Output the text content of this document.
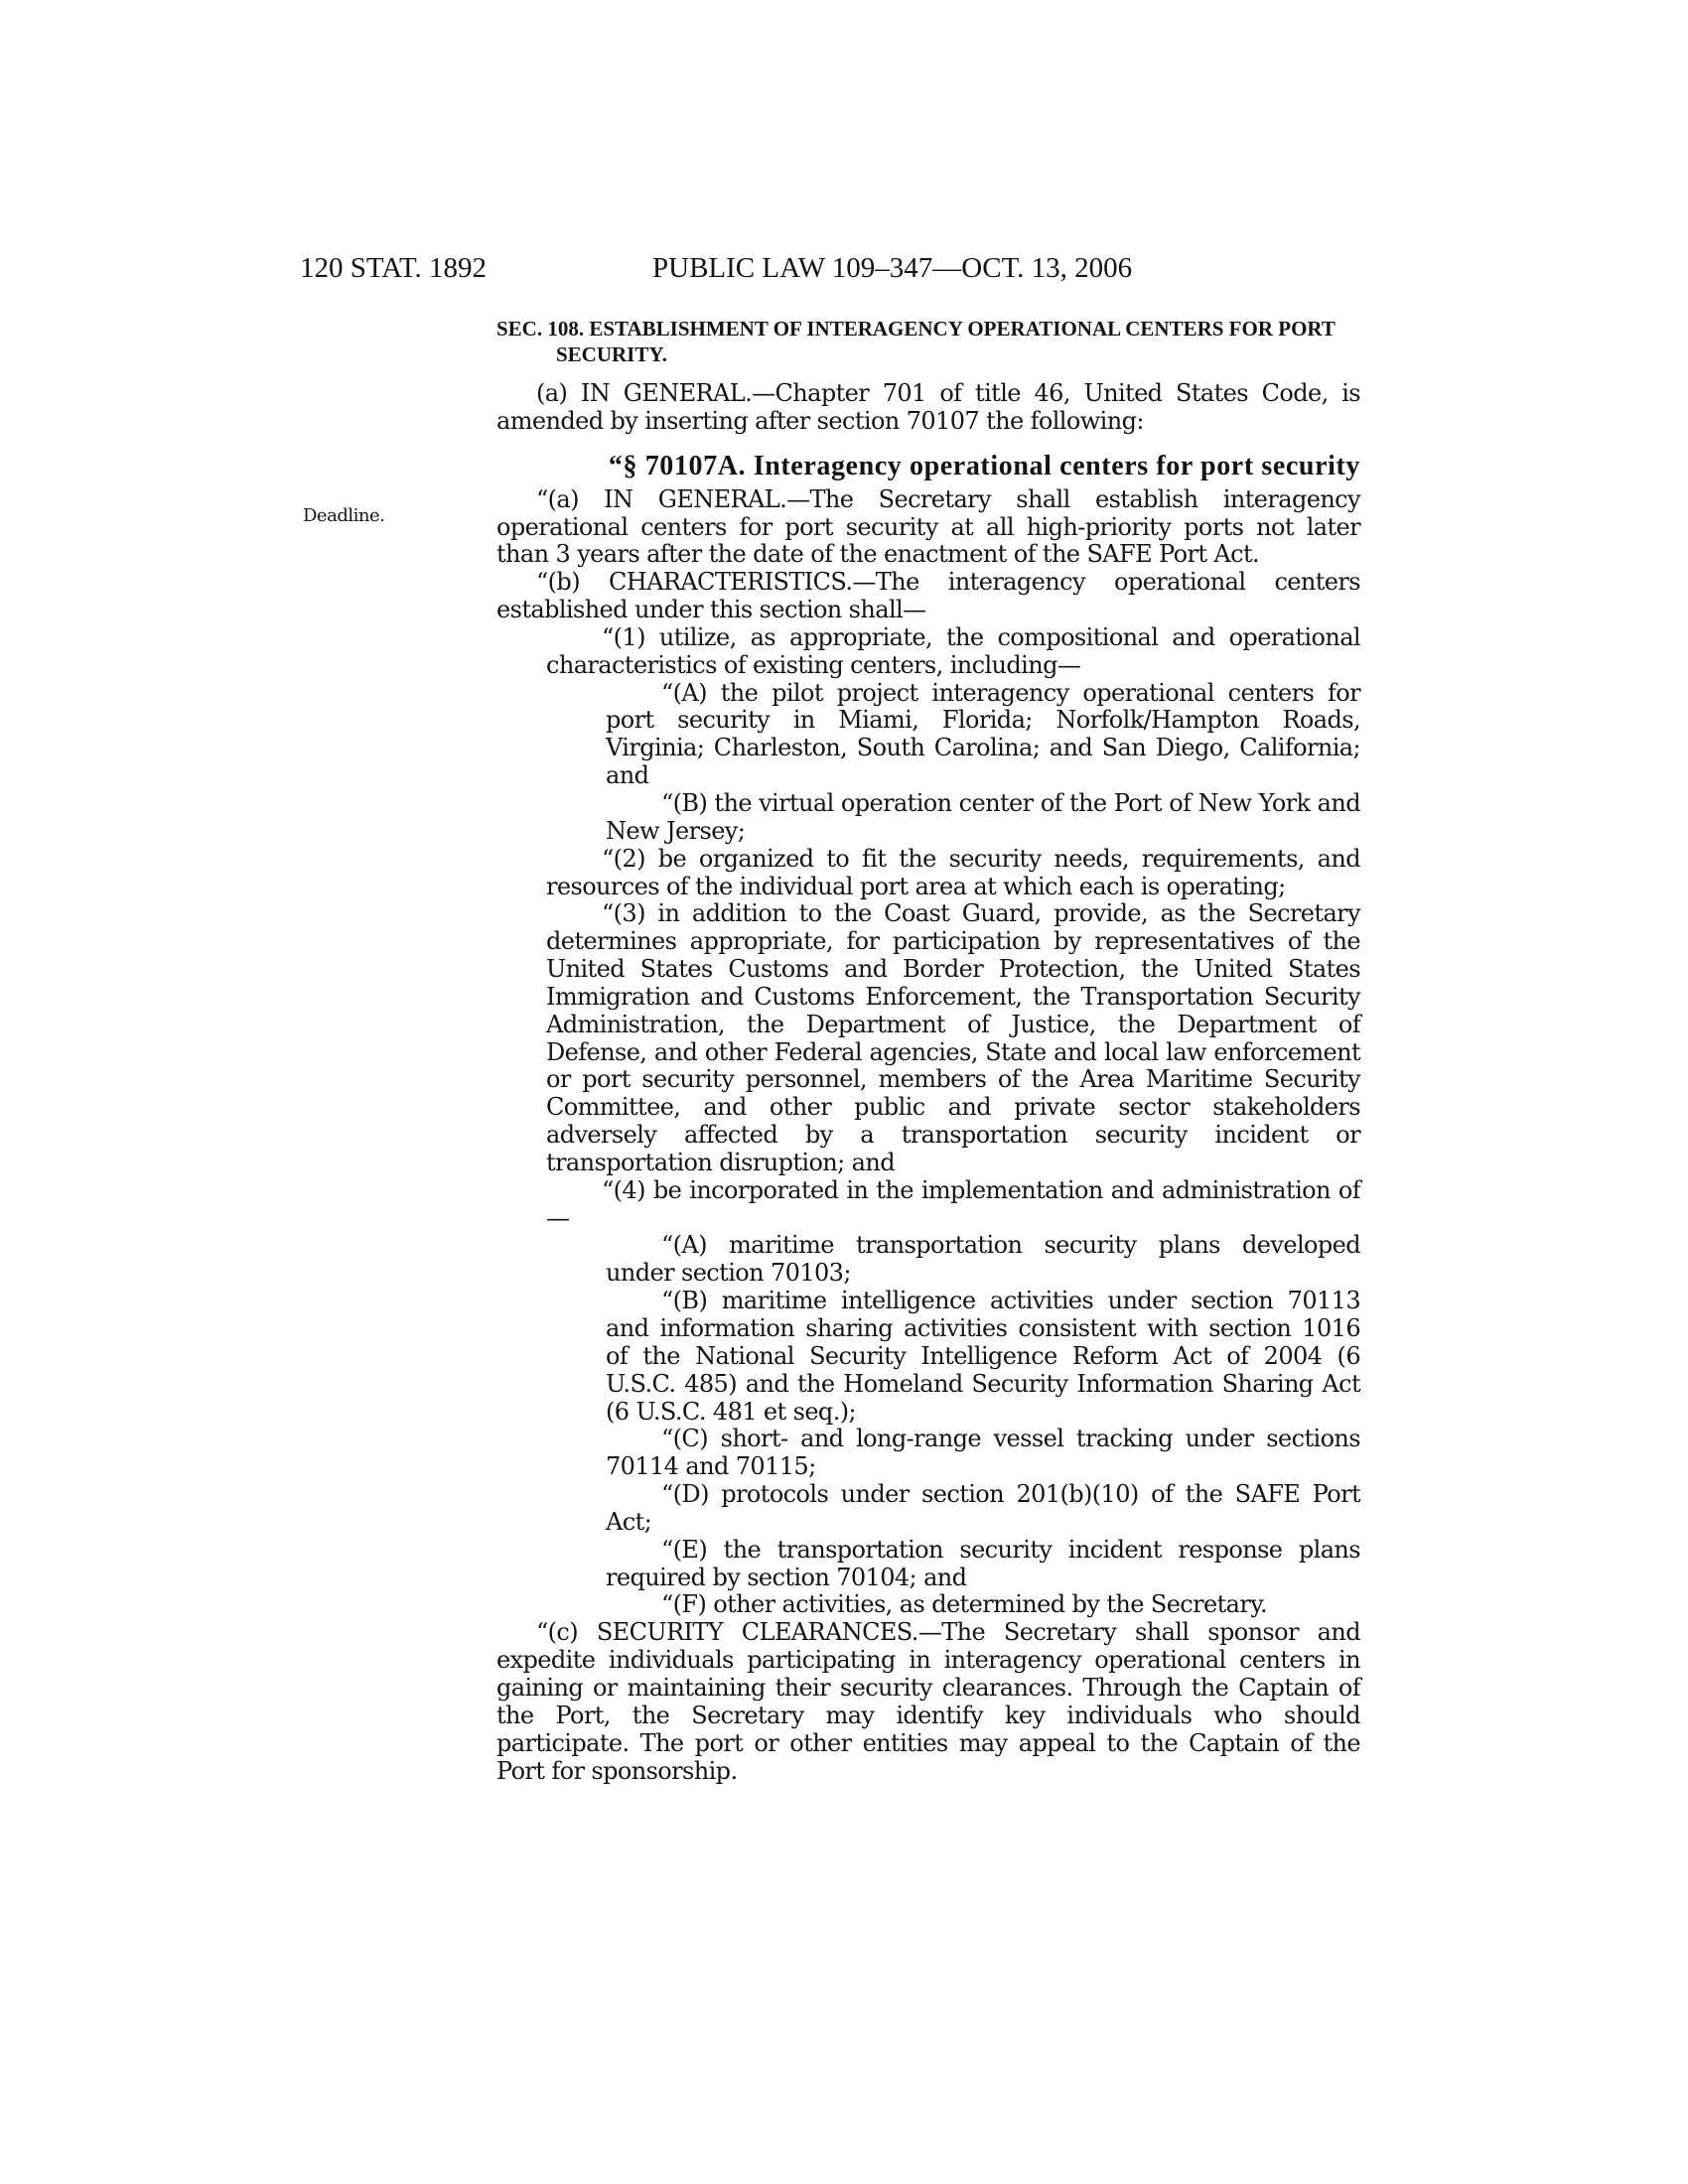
120 STAT. 1892	PUBLIC LAW 109–347—OCT. 13, 2006
Deadline.
SEC. 108. ESTABLISHMENT OF INTERAGENCY OPERATIONAL CENTERS FOR PORT SECURITY.

(a) IN GENERAL.—Chapter 701 of title 46, United States Code, is amended by inserting after section 70107 the following:

“§ 70107A. Interagency operational centers for port security

“(a) IN GENERAL.—The Secretary shall establish interagency operational centers for port security at all high-priority ports not later than 3 years after the date of the enactment of the SAFE Port Act.

“(b) CHARACTERISTICS.—The interagency operational centers established under this section shall—

“(1) utilize, as appropriate, the compositional and operational characteristics of existing centers, including—

“(A) the pilot project interagency operational centers for port security in Miami, Florida; Norfolk/Hampton Roads, Virginia; Charleston, South Carolina; and San Diego, California; and

“(B) the virtual operation center of the Port of New York and New Jersey;

“(2) be organized to fit the security needs, requirements, and resources of the individual port area at which each is operating;

“(3) in addition to the Coast Guard, provide, as the Secretary determines appropriate, for participation by representatives of the United States Customs and Border Protection, the United States Immigration and Customs Enforcement, the Transportation Security Administration, the Department of Justice, the Department of Defense, and other Federal agencies, State and local law enforcement or port security personnel, members of the Area Maritime Security Committee, and other public and private sector stakeholders adversely affected by a transportation security incident or transportation disruption; and

“(4) be incorporated in the implementation and administration of—

“(A) maritime transportation security plans developed under section 70103;

“(B) maritime intelligence activities under section 70113 and information sharing activities consistent with section 1016 of the National Security Intelligence Reform Act of 2004 (6 U.S.C. 485) and the Homeland Security Information Sharing Act (6 U.S.C. 481 et seq.);

“(C) short- and long-range vessel tracking under sections 70114 and 70115;

“(D) protocols under section 201(b)(10) of the SAFE Port Act;

“(E) the transportation security incident response plans required by section 70104; and

“(F) other activities, as determined by the Secretary.

“(c) SECURITY CLEARANCES.—The Secretary shall sponsor and expedite individuals participating in interagency operational centers in gaining or maintaining their security clearances. Through the Captain of the Port, the Secretary may identify key individuals who should participate. The port or other entities may appeal to the Captain of the Port for sponsorship.
